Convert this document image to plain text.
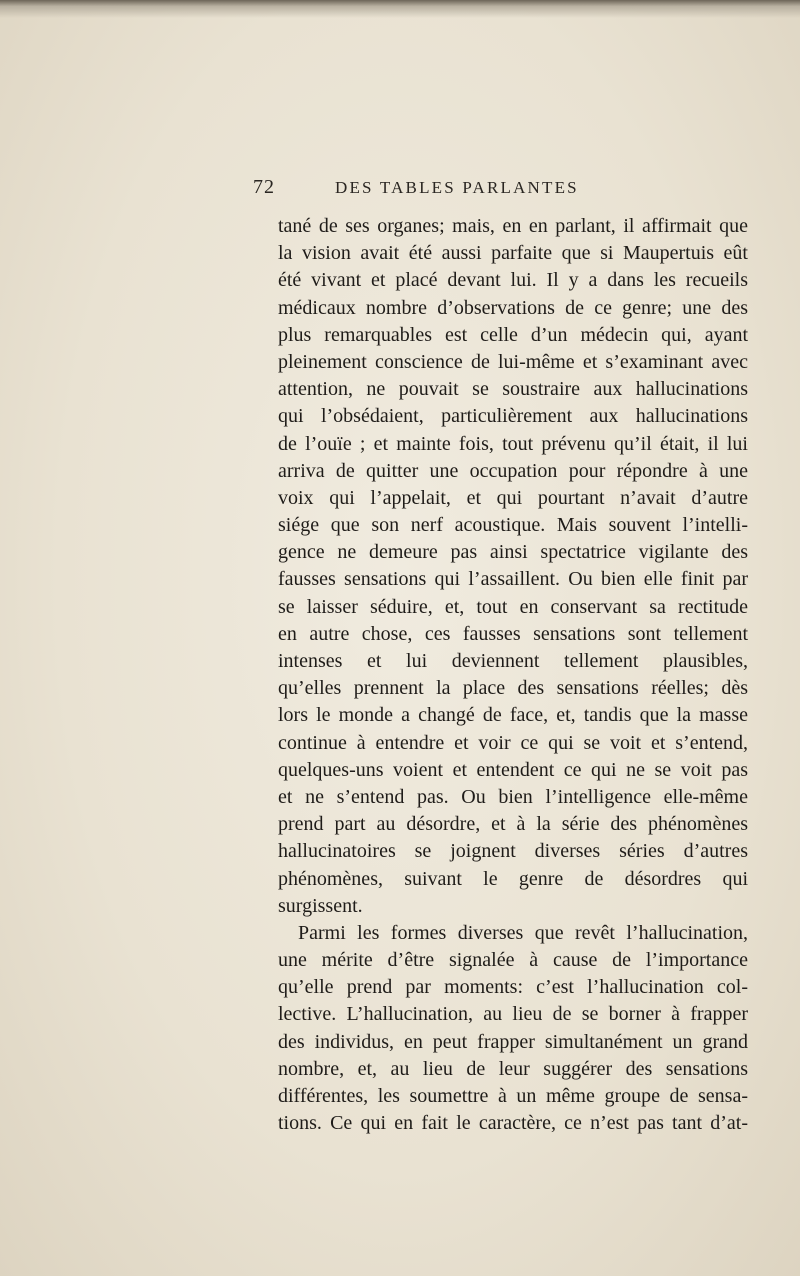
72	DES TABLES PARLANTES
tané de ses organes; mais, en en parlant, il affirmait que
la vision avait été aussi parfaite que si Maupertuis eût
été vivant et placé devant lui. Il y a dans les recueils
médicaux nombre d’observations de ce genre; une des
plus remarquables est celle d’un médecin qui, ayant
pleinement conscience de lui-même et s’examinant avec
attention, ne pouvait se soustraire aux hallucinations
qui l’obsédaient, particulièrement aux hallucinations
de l’ouïe ; et mainte fois, tout prévenu qu’il était, il lui
arriva de quitter une occupation pour répondre à une
voix qui l’appelait, et qui pourtant n’avait d’autre
siége que son nerf acoustique. Mais souvent l’intelli-
gence ne demeure pas ainsi spectatrice vigilante des
fausses sensations qui l’assaillent. Ou bien elle finit par
se laisser séduire, et, tout en conservant sa rectitude
en autre chose, ces fausses sensations sont tellement
intenses et lui deviennent tellement plausibles,
qu’elles prennent la place des sensations réelles; dès
lors le monde a changé de face, et, tandis que la masse
continue à entendre et voir ce qui se voit et s’entend,
quelques-uns voient et entendent ce qui ne se voit pas
et ne s’entend pas. Ou bien l’intelligence elle-même
prend part au désordre, et à la série des phénomènes
hallucinatoires se joignent diverses séries d’autres
phénomènes, suivant le genre de désordres qui
surgissent.
Parmi les formes diverses que revêt l’hallucination,
une mérite d’être signalée à cause de l’importance
qu’elle prend par moments: c’est l’hallucination col-
lective. L’hallucination, au lieu de se borner à frapper
des individus, en peut frapper simultanément un grand
nombre, et, au lieu de leur suggérer des sensations
différentes, les soumettre à un même groupe de sensa-
tions. Ce qui en fait le caractère, ce n’est pas tant d’at-
